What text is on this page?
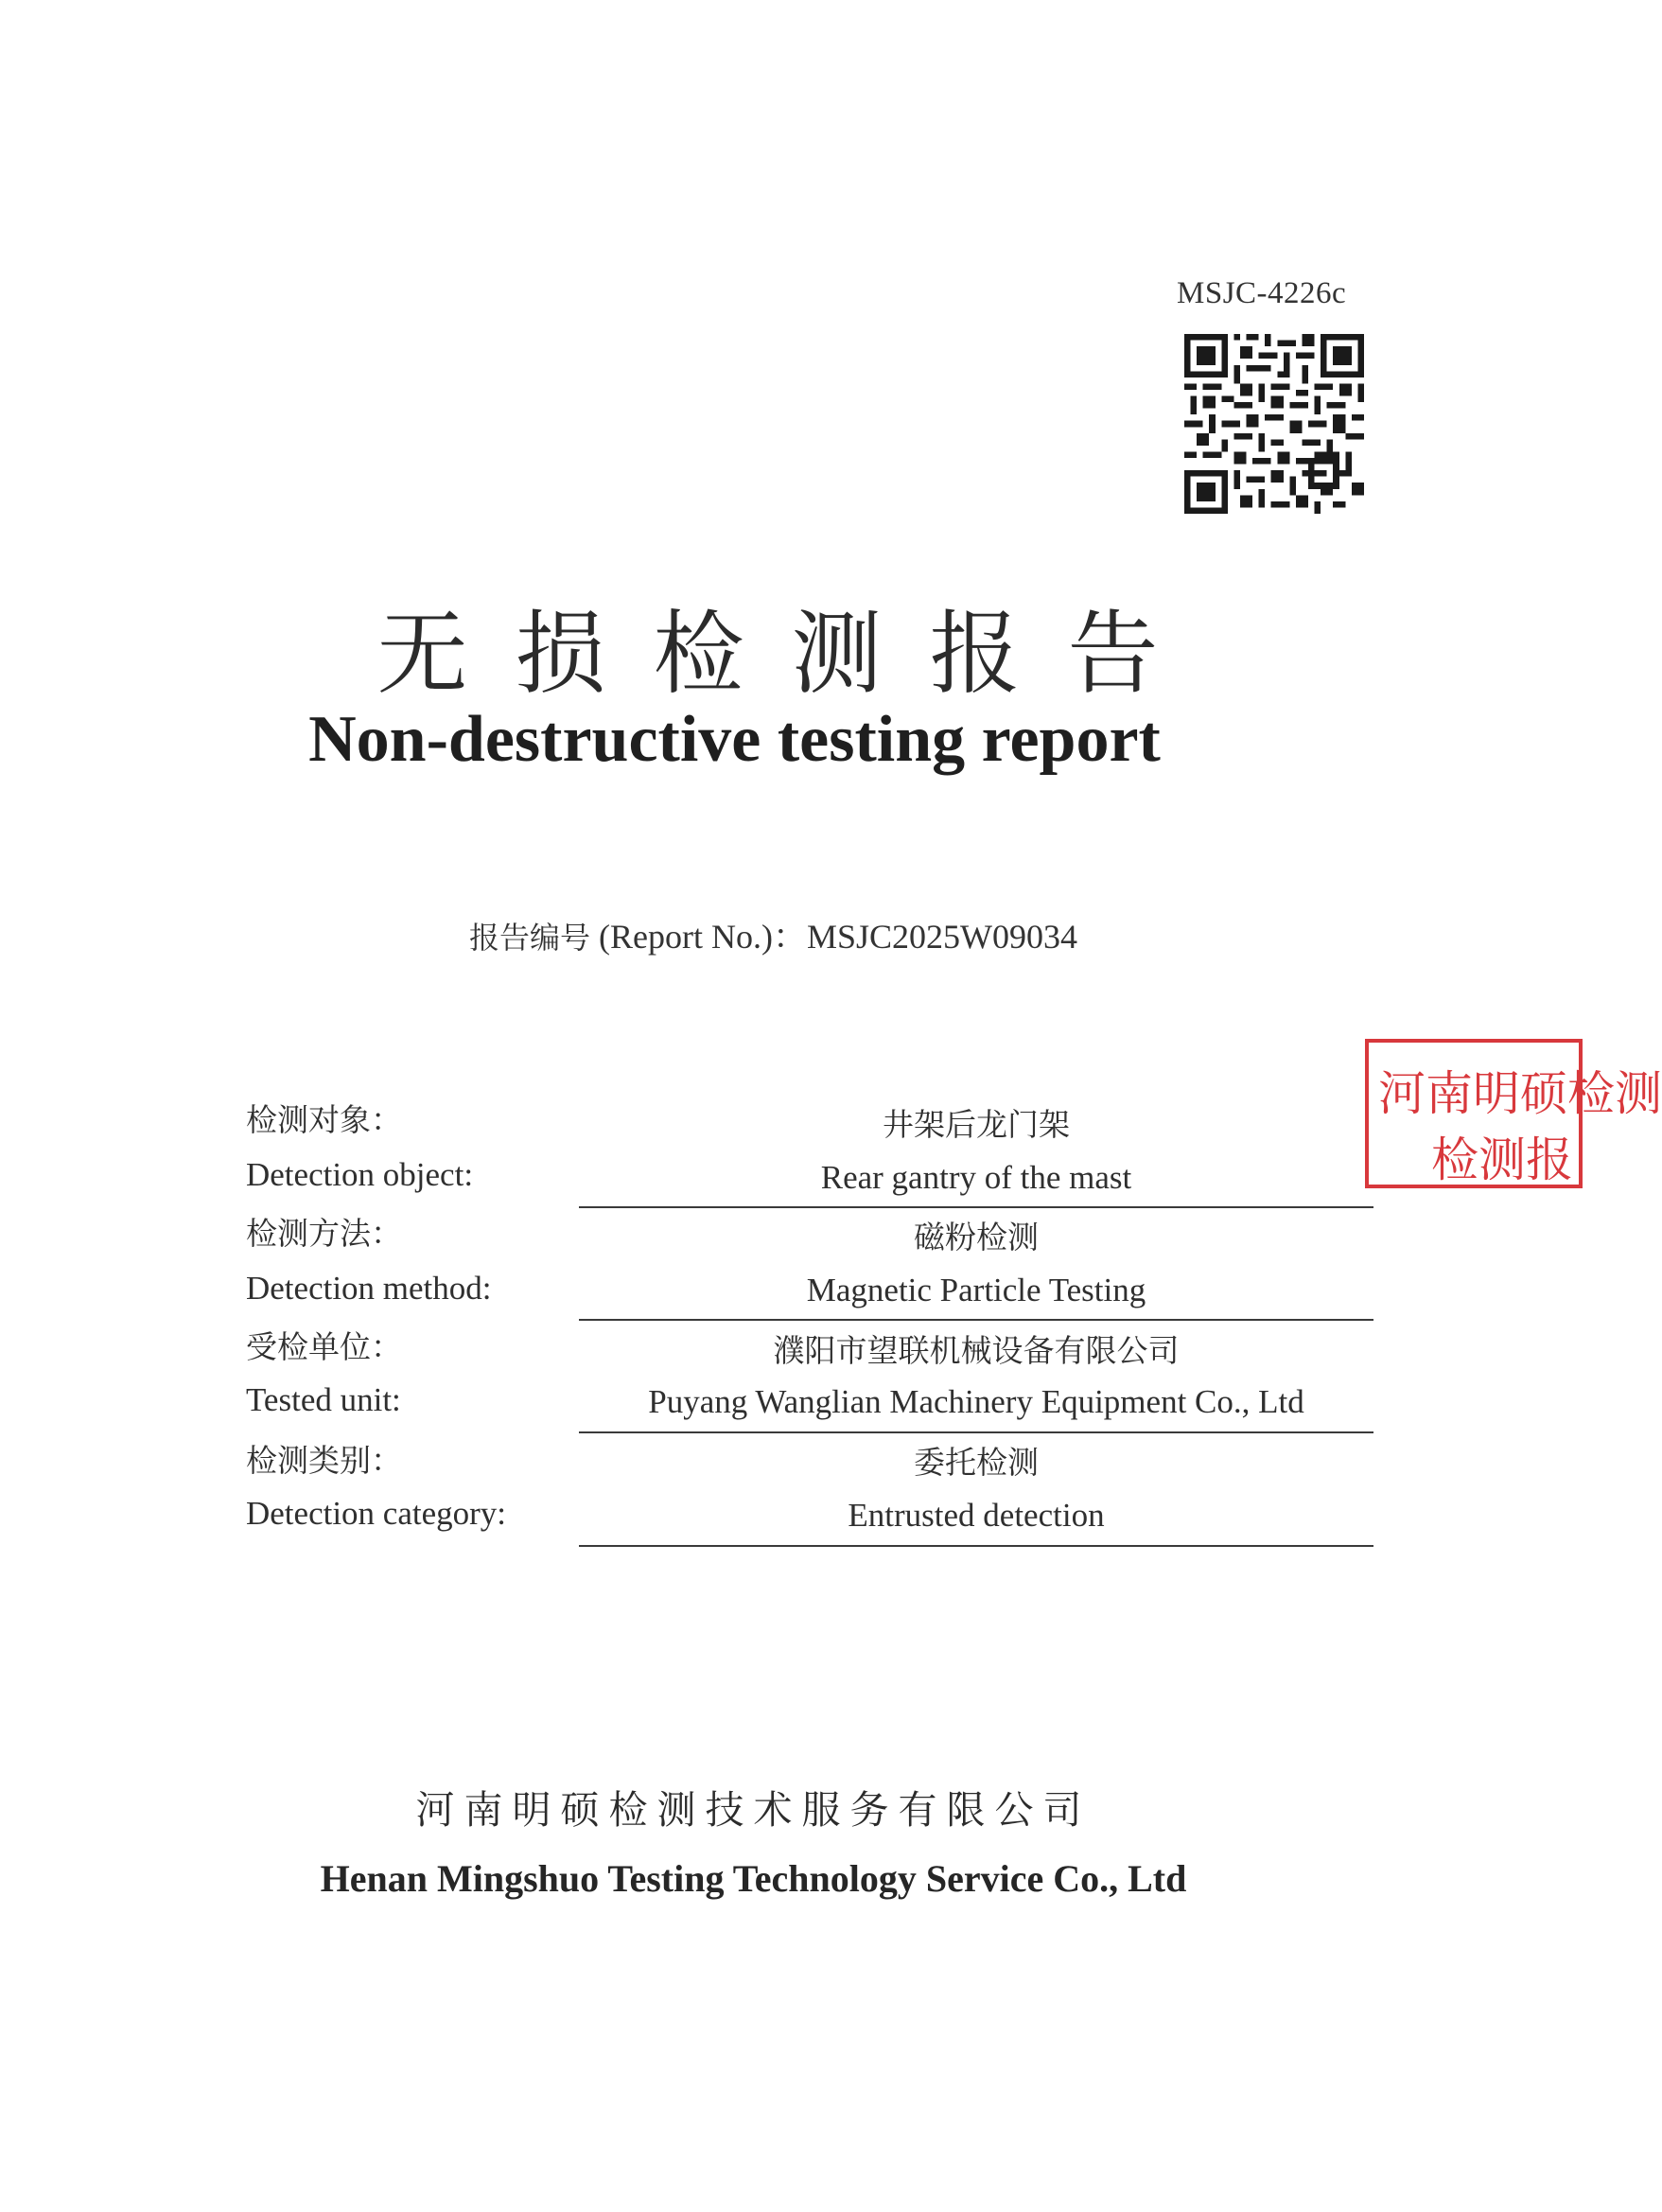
MSJC-4226c
无损检测报告
Non-destructive testing report
报告编号 (Report No.)：MSJC2025W09034
检测对象：
Detection object:
井架后龙门架
Rear gantry of the mast
检测方法：
Detection method:
磁粉检测
Magnetic Particle Testing
受检单位：
Tested unit:
濮阳市望联机械设备有限公司
Puyang Wanglian Machinery Equipment Co., Ltd
检测类别：
Detection category:
委托检测
Entrusted detection
河南明硕检测技术服务有限公司
Henan Mingshuo Testing Technology Service Co., Ltd
河南明硕检测
检测报
